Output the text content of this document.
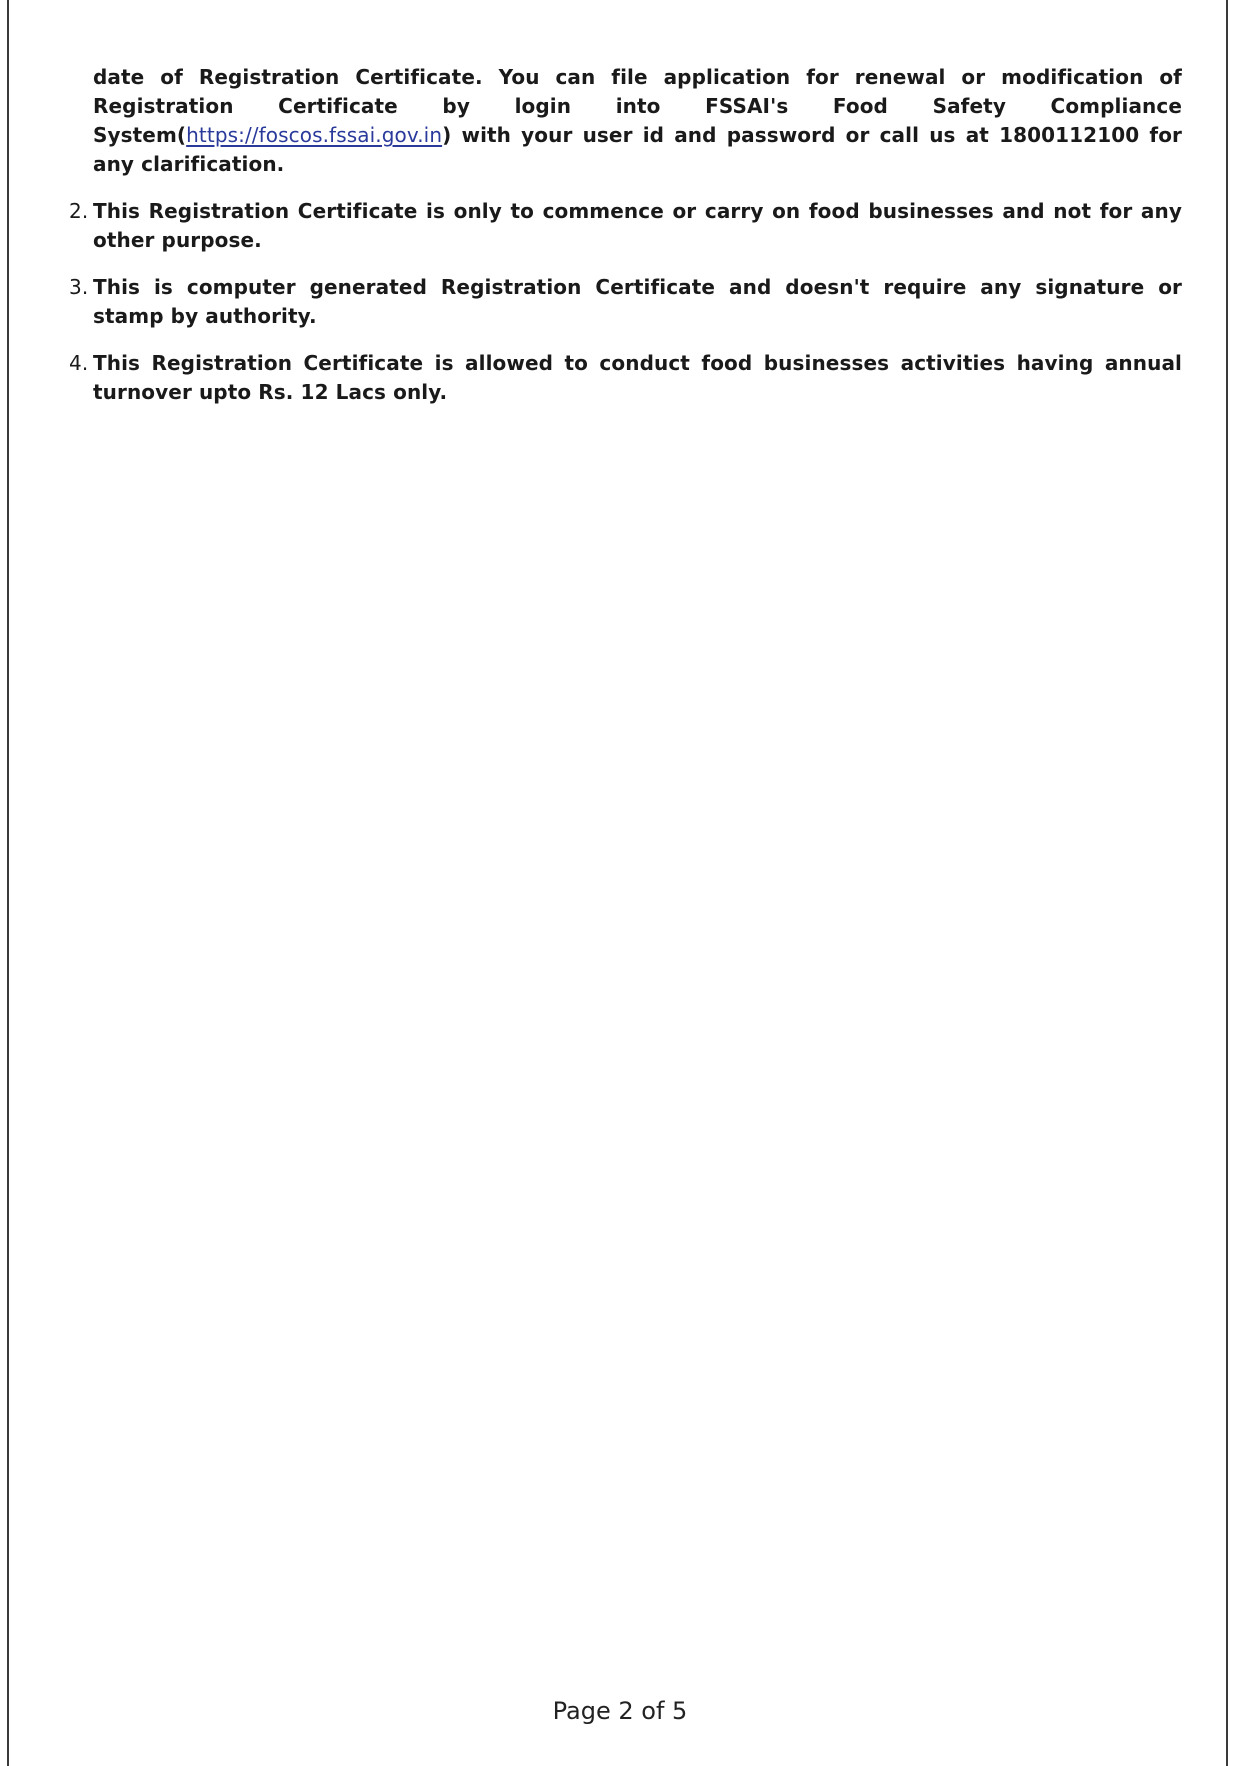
date of Registration Certificate. You can file application for renewal or modification of Registration Certificate by login into FSSAI's Food Safety Compliance System(https://foscos.fssai.gov.in) with your user id and password or call us at 1800112100 for any clarification.

2. This Registration Certificate is only to commence or carry on food businesses and not for any other purpose.
3. This is computer generated Registration Certificate and doesn't require any signature or stamp by authority.
4. This Registration Certificate is allowed to conduct food businesses activities having annual turnover upto Rs. 12 Lacs only.
Page 2 of 5
